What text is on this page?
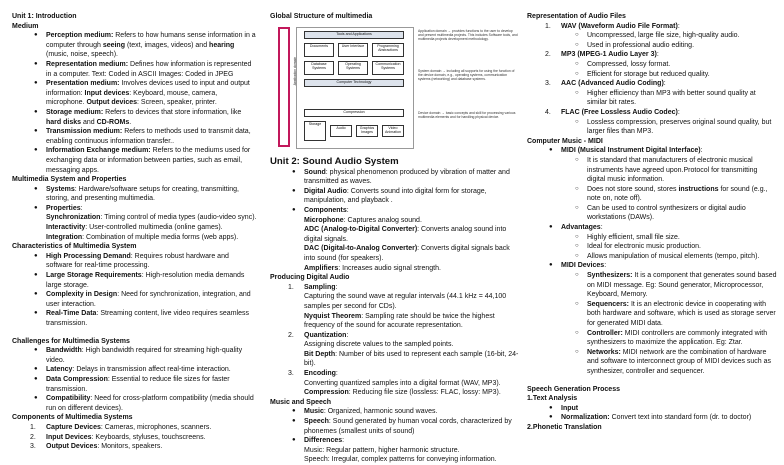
Unit 1: Introduction
Medium
● Perception medium: Refers to how humans sense information in a computer through seeing (text, images, videos) and hearing (music, noise, speech).
● Representation medium: Defines how information is represented in a computer. Text: Coded in ASCII Images: Coded in JPEG
● Presentation medium: Involves devices used to input and output information: Input devices: Keyboard, mouse, camera, microphone. Output devices: Screen, speaker, printer.
● Storage medium: Refers to devices that store information, like hard disks and CD-ROMs.
● Transmission medium: Refers to methods used to transmit data, enabling continuous information transfer..
● Information Exchange medium: Refers to the mediums used for exchanging data or information between parties, such as email, messaging apps.
Multimedia System and Properties
● Systems: Hardware/software setups for creating, transmitting, storing, and presenting multimedia.
● Properties:
Synchronization: Timing control of media types (audio-video sync).
Interactivity: User-controlled multimedia (online games).
Integration: Combination of multiple media forms (web apps).
Characteristics of Multimedia System
● High Processing Demand: Requires robust hardware and software for real-time processing.
● Large Storage Requirements: High-resolution media demands large storage.
● Complexity in Design: Need for synchronization, integration, and user interaction.
● Real-Time Data: Streaming content, live video requires seamless transmission.
Challenges for Multimedia Systems
● Bandwidth: High bandwidth required for streaming high-quality video.
● Latency: Delays in transmission affect real-time interaction.
● Data Compression: Essential to reduce file sizes for faster transmission.
● Compatibility: Need for cross-platform compatibility (media should run on different devices).
Components of Multimedia Systems
1. Capture Devices: Cameras, microphones, scanners.
2. Input Devices: Keyboards, styluses, touchscreens.
3. Output Devices: Monitors, speakers.
Global Structure of multimedia
Application domain
Tools and Applications
Documents	User Interface	Programming Abstractions
Database Systems
Operating Systems
Communication Systems
Computer Technology
Compression
Storage
Audio	Graphics Images
Video Animation
Application domain → provides functions to the user to develop and present multimedia projects. This includes Software tools, and multimedia projects development methodology.
System domain → including all supports for using the function of the device domain, e.g., operating systems, communication systems (networking) and database systems.
Device domain → basic concepts and skill for processing various multimedia elements and for handling physical device.
Unit 2: Sound Audio System
● Sound: physical phenomenon produced by vibration of matter and transmitted as waves.
● Digital Audio: Converts sound into digital form for storage, manipulation, and playback .
● Components:
Microphone: Captures analog sound.
ADC (Analog-to-Digital Converter): Converts analog sound into digital signals.
DAC (Digital-to-Analog Converter): Converts digital signals back into sound (for speakers).
Amplifiers: Increases audio signal strength.
Producing Digital Audio
1. Sampling:
Capturing the sound wave at regular intervals (44.1 kHz = 44,100 samples per second for CDs).
Nyquist Theorem: Sampling rate should be twice the highest frequency of the sound for accurate representation.
2. Quantization:
Assigning discrete values to the sampled points.
Bit Depth: Number of bits used to represent each sample (16-bit, 24-bit).
3. Encoding:
Converting quantized samples into a digital format (WAV, MP3).
Compression: Reducing file size (lossless: FLAC, lossy: MP3).
Music and Speech
● Music: Organized, harmonic sound waves.
● Speech: Sound generated by human vocal cords, characterized by phonemes (smallest units of sound)
● Differences:
Music: Regular pattern, higher harmonic structure.
Speech: Irregular, complex patterns for conveying information.
Representation of Audio Files
1. WAV (Waveform Audio File Format):
○ Uncompressed, large file size, high-quality audio.
○ Used in professional audio editing.
2. MP3 (MPEG-1 Audio Layer 3):
○ Compressed, lossy format.
○ Efficient for storage but reduced quality.
3. AAC (Advanced Audio Coding):
○ Higher efficiency than MP3 with better sound quality at similar bit rates.
4. FLAC (Free Lossless Audio Codec):
○ Lossless compression, preserves original sound quality, but larger files than MP3.
Computer Music - MIDI
● MIDI (Musical Instrument Digital Interface):
○ It is standard that manufacturers of electronic musical instruments have agreed upon.Protocol for transmitting digital music information.
○ Does not store sound, stores instructions for sound (e.g., note on, note off).
○ Can be used to control synthesizers or digital audio workstations (DAWs).
● Advantages:
○ Highly efficient, small file size.
○ Ideal for electronic music production.
○ Allows manipulation of musical elements (tempo, pitch).
● MIDI Devices:
○ Synthesizers: It is a component that generates sound based on MIDI message. Eg: Sound generator, Microprocessor, Keyboard, Memory.
○ Sequencers: It is an electronic device in cooperating with both hardware and software, which is used as storage server for generated MIDI data.
○ Controller: MIDI controllers are commonly integrated with synthesizers to maximize the application. Eg: Ztar.
○ Networks: MIDI network are the combination of hardware and software to interconnect group of MIDI devices such as synthesizer, controller and sequencer.
Speech Generation Process
1.Text Analysis
● Input
● Normalization: Convert text into standard form (dr. to doctor)
2.Phonetic Translation
